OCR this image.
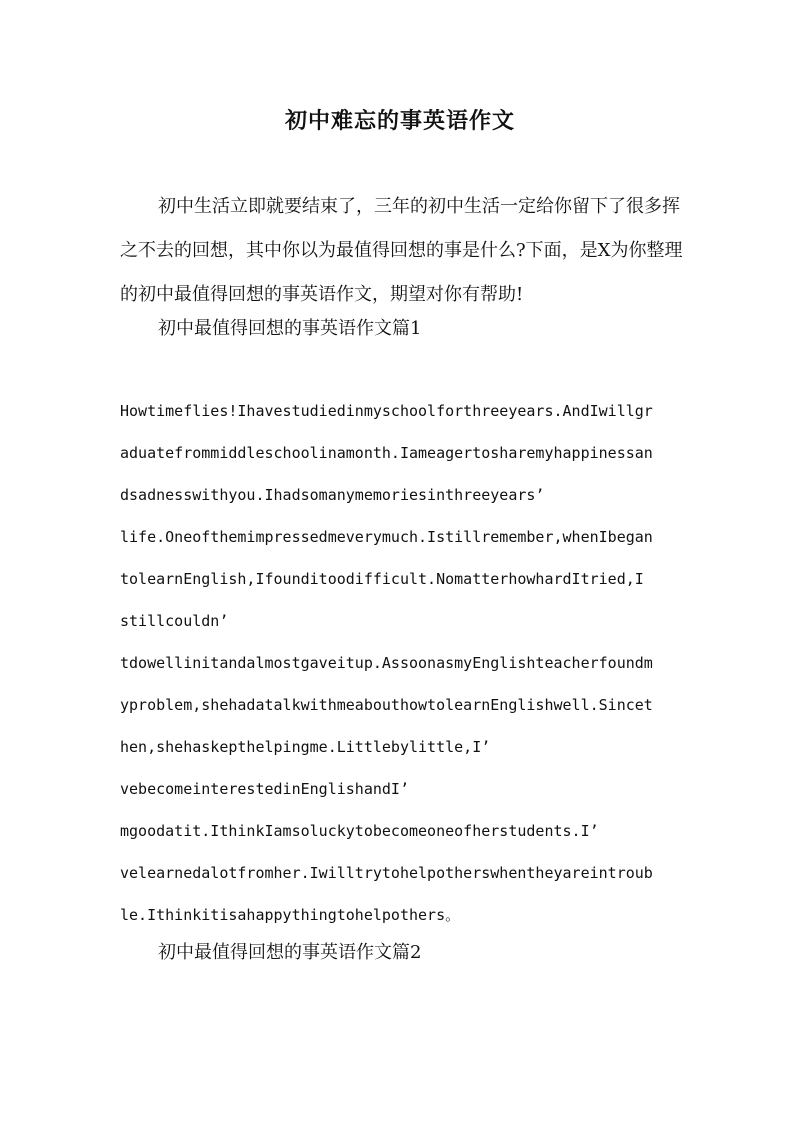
初中难忘的事英语作文

初中生活立即就要结束了，三年的初中生活一定给你留下了很多挥之不去的回想，其中你以为最值得回想的事是什么?下面，是X为你整理的初中最值得回想的事英语作文，期望对你有帮助!

初中最值得回想的事英语作文篇1

Howtimeflies!Ihavestudiedinmyschoolforthreeyears.AndIwillgr
aduatefrommiddleschoolinamonth.Iameagertosharemyhappinessan
dsadnesswithyou.Ihadsomanymemoriesinthreeyears’
life.Oneofthemimpressedmeverymuch.Istillremember,whenIbegan
tolearnEnglish,Ifounditoodifficult.NomatterhowhardItried,I
stillcouldn’
tdowellinitandalmostgaveitup.AssoonasmyEnglishteacherfoundm
yproblem,shehadatalkwithmeabouthowtolearnEnglishwell.Sincet
hen,shehaskepthelpingme.Littlebylittle,I’
vebecomeinterestedinEnglishandI’
mgoodatit.IthinkIamsoluckytobecomeoneofherstudents.I’
velearnedalotfromher.Iwilltrytohelpotherswhentheyareintroub
le.Ithinkitisahappythingtohelpothers。

初中最值得回想的事英语作文篇2
